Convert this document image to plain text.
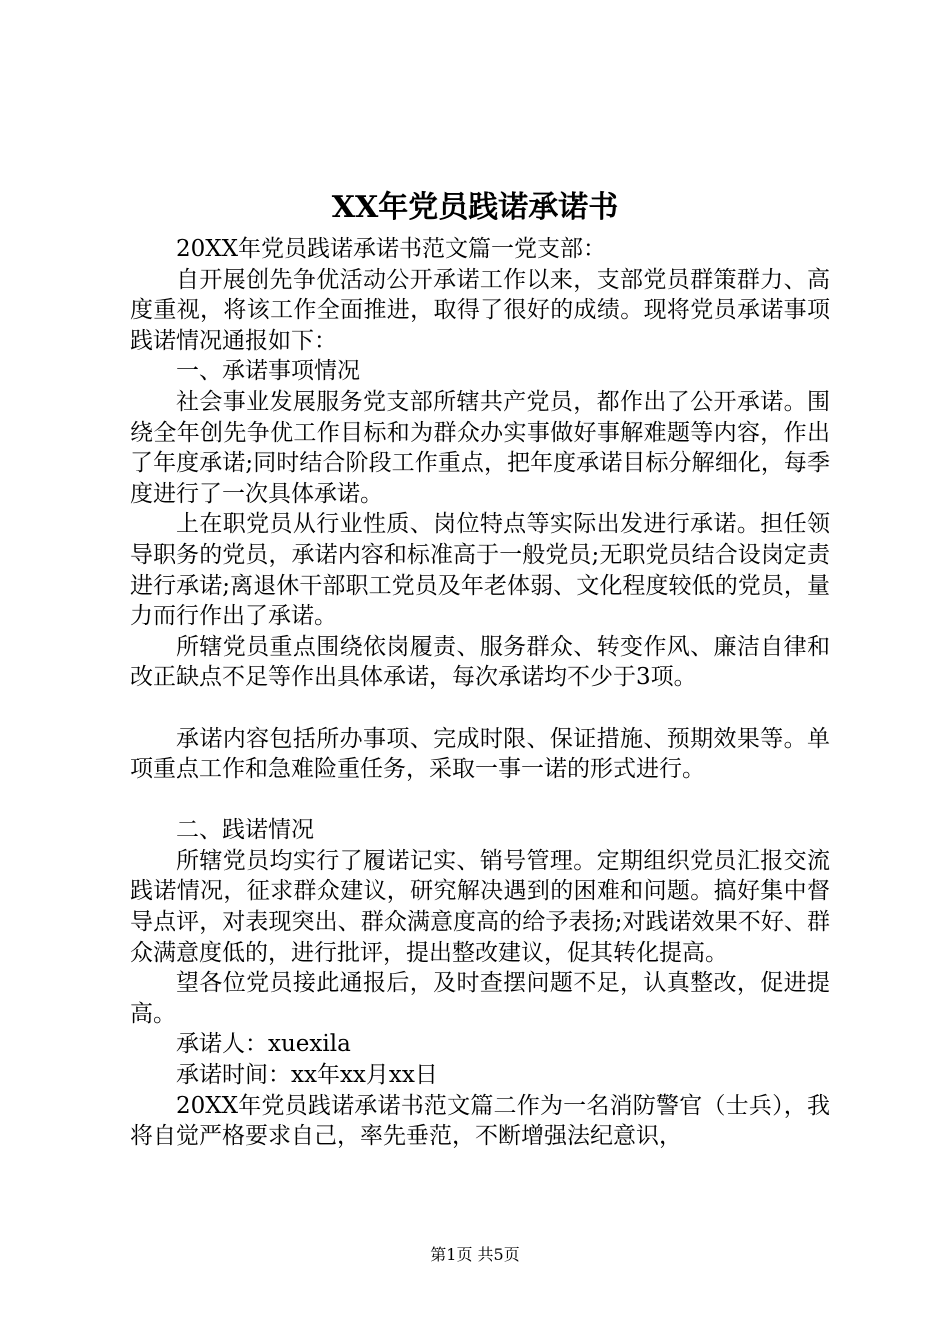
XX年党员践诺承诺书

20XX年党员践诺承诺书范文篇一党支部：

自开展创先争优活动公开承诺工作以来，支部党员群策群力、高度重视，将该工作全面推进，取得了很好的成绩。现将党员承诺事项践诺情况通报如下：

一、承诺事项情况

社会事业发展服务党支部所辖共产党员，都作出了公开承诺。围绕全年创先争优工作目标和为群众办实事做好事解难题等内容，作出了年度承诺;同时结合阶段工作重点，把年度承诺目标分解细化，每季度进行了一次具体承诺。

上在职党员从行业性质、岗位特点等实际出发进行承诺。担任领导职务的党员，承诺内容和标准高于一般党员;无职党员结合设岗定责进行承诺;离退休干部职工党员及年老体弱、文化程度较低的党员，量力而行作出了承诺。

所辖党员重点围绕依岗履责、服务群众、转变作风、廉洁自律和改正缺点不足等作出具体承诺，每次承诺均不少于3项。

承诺内容包括所办事项、完成时限、保证措施、预期效果等。单项重点工作和急难险重任务，采取一事一诺的形式进行。

二、践诺情况

所辖党员均实行了履诺记实、销号管理。定期组织党员汇报交流践诺情况，征求群众建议，研究解决遇到的困难和问题。搞好集中督导点评，对表现突出、群众满意度高的给予表扬;对践诺效果不好、群众满意度低的，进行批评，提出整改建议，促其转化提高。

望各位党员接此通报后，及时查摆问题不足，认真整改，促进提高。

承诺人：xuexila

承诺时间：xx年xx月xx日

20XX年党员践诺承诺书范文篇二作为一名消防警官（士兵），我将自觉严格要求自己，率先垂范，不断增强法纪意识，

第1页 共5页
